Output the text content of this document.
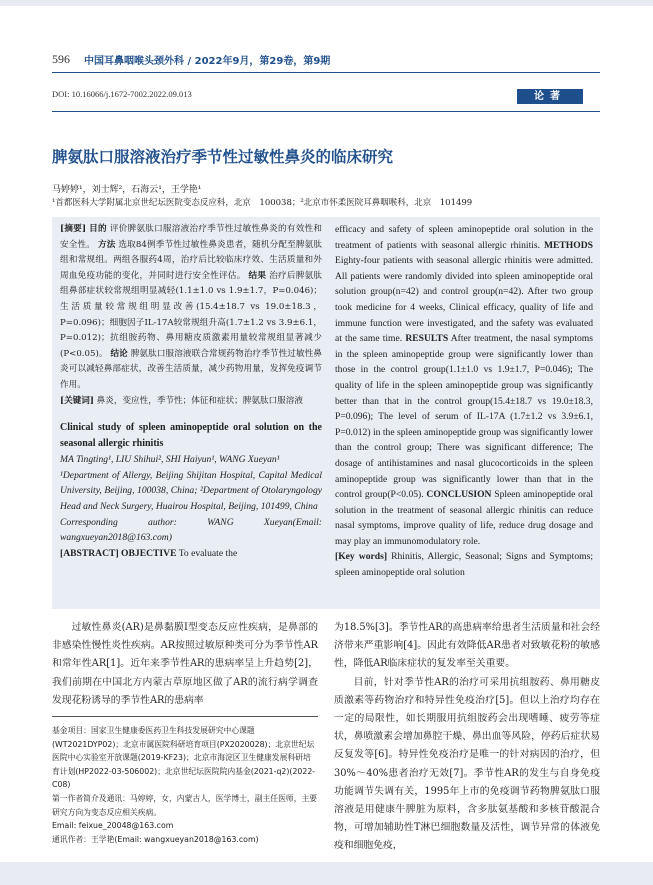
596 中国耳鼻咽喉头颈外科 / 2022年9月，第29卷，第9期
DOI: 10.16066/j.1672-7002.2022.09.013	论著
脾氨肽口服溶液治疗季节性过敏性鼻炎的临床研究
马婷婷¹，刘士辉²，石海云¹，王学艳¹
¹首都医科大学附属北京世纪坛医院变态反应科，北京　100038；²北京市怀柔医院耳鼻咽喉科，北京　101499

[摘要] 目的 评价脾氨肽口服溶液治疗季节性过敏性鼻炎的有效性和安全性。 方法 选取84例季节性过敏性鼻炎患者，随机分配至脾氨肽组和常规组。两组各服药4周，治疗后比较临床疗效、生活质量和外周血免疫功能的变化，并同时进行安全性评估。 结果 治疗后脾氨肽组鼻部症状较常规组明显减轻(1.1±1.0 vs 1.9±1.7，P=0.046)；生活质量较常规组明显改善(15.4±18.7 vs 19.0±18.3，P=0.096)；细胞因子IL-17A较常规组升高(1.7±1.2 vs 3.9±6.1，P=0.012)；抗组胺药物、鼻用糖皮质激素用量较常规组显著减少(P<0.05)。 结论 脾氨肽口服溶液联合常规药物治疗季节性过敏性鼻炎可以减轻鼻部症状，改善生活质量，减少药物用量，发挥免疫调节作用。

[关键词] 鼻炎，变应性，季节性；体征和症状；脾氨肽口服溶液

Clinical study of spleen aminopeptide oral solution on the seasonal allergic rhinitis

MA Tingting¹, LIU Shihui², SHI Haiyun¹, WANG Xueyan¹

¹Department of Allergy, Beijing Shijitan Hospital, Capital Medical University, Beijing, 100038, China; ²Department of Otolaryngology Head and Neck Surgery, Huairou Hospital, Beijing, 101499, China

Corresponding author: WANG Xueyan(Email: wangxueyan2018@163.com)

[ABSTRACT] OBJECTIVE To evaluate the

efficacy and safety of spleen aminopeptide oral solution in the treatment of patients with seasonal allergic rhinitis. METHODS Eighty-four patients with seasonal allergic rhinitis were admitted. All patients were randomly divided into spleen aminopeptide oral solution group(n=42) and control group(n=42). After two group took medicine for 4 weeks, Clinical efficacy, quality of life and immune function were investigated, and the safety was evaluated at the same time. RESULTS After treatment, the nasal symptoms in the spleen aminopeptide group were significantly lower than those in the control group(1.1±1.0 vs 1.9±1.7, P=0.046); The quality of life in the spleen aminopeptide group was significantly better than that in the control group(15.4±18.7 vs 19.0±18.3, P=0.096); The level of serum of IL-17A (1.7±1.2 vs 3.9±6.1, P=0.012) in the spleen aminopeptide group was significantly lower than the control group; There was significant difference; The dosage of antihistamines and nasal glucocorticoids in the spleen aminopeptide group was significantly lower than that in the control group(P<0.05). CONCLUSION Spleen aminopeptide oral solution in the treatment of seasonal allergic rhinitis can reduce nasal symptoms, improve quality of life, reduce drug dosage and may play an immunomodulatory role.

[Key words] Rhinitis, Allergic, Seasonal; Signs and Symptoms; spleen aminopeptide oral solution

过敏性鼻炎(AR)是鼻黏膜Ⅰ型变态反应性疾病，是鼻部的非感染性慢性炎性疾病。AR按照过敏原种类可分为季节性AR和常年性AR[1]。近年来季节性AR的患病率呈上升趋势[2]，我们前期在中国北方内蒙古草原地区做了AR的流行病学调查发现花粉诱导的季节性AR的患病率

为18.5%[3]。季节性AR的高患病率给患者生活质量和社会经济带来严重影响[4]。因此有效降低AR患者对致敏花粉的敏感性，降低AR临床症状的复发率至关重要。

目前，针对季节性AR的治疗可采用抗组胺药、鼻用糖皮质激素等药物治疗和特异性免疫治疗[5]。但以上治疗均存在一定的局限性，如长期服用抗组胺药会出现嗜睡、疲劳等症状，鼻喷激素会增加鼻腔干燥、鼻出血等风险，停药后症状易反复发等[6]。特异性免疫治疗是唯一的针对病因的治疗，但30%～40%患者治疗无效[7]。季节性AR的发生与自身免疫功能调节失调有关，1995年上市的免疫调节药物脾氨肽口服溶液是用健康牛脾脏为原料，含多肽氨基酸和多核苷酸混合物，可增加辅助性T淋巴细胞数量及活性，调节异常的体液免疫和细胞免疫，

基金项目：国家卫生健康委医药卫生科技发展研究中心课题(WT2021DYP02)；北京市属医院科研培育项目(PX2020028)；北京世纪坛医院中心实验室开放课题(2019-KF23)；北京市海淀区卫生健康发展科研培育计划(HP2022-03-506002)；北京世纪坛医院院内基金(2021-q2)(2022-C08)

第一作者简介及通讯：马婷婷，女，内蒙古人，医学博士，副主任医师，主要研究方向为变态反应相关疾病。

Email: feixue_20048@163.com

通讯作者：王学艳(Email: wangxueyan2018@163.com)
